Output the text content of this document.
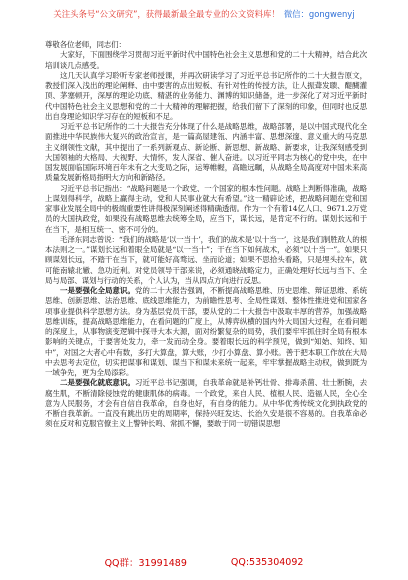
关注头条号“公文研究”，获得最新最全最专业的公文资料库！ 微信：gongwenyj

尊敬各位老师，同志们：

大家好，下面围绕学习贯彻习近平新时代中国特色社会主义思想和党的二十大精神，结合此次培训谈几点感受。

这几天认真学习聆听专家老师授课，并再次研读学习了习近平总书记所作的二十大报告原文，教授们深入浅出的理论阐释、由中要害的点出短板、有针对性的传授方法，让人振聋发聩、醍醐灌顶、茅塞顿开，深厚的理论功底、精湛的业务能力、渊博的知识储备，进一步深化了对习近平新时代中国特色社会主义思想和党的二十大精神的理解把握，给我们留下了深刻的印象，但同时也反思出自身理论知识学习存在的短板和不足。

习近平总书记所作的二十大报告充分体现了什么是战略思维，战略部署，是以中国式现代化全面推进中华民族伟大复兴的政治宣言，是一篇高屋建瓴、内涵丰富、思想深邃、意义重大的马克思主义纲领性文献，其中提出了一系列新观点、新论断、新思想、新战略、新要求，让我深刻感受到大国领袖的大格局、大视野、大情怀，发人深省、催人奋进。以习近平同志为核心的党中央，在中国发展面临国际环境百年未有之大变局之际，运筹帷幄，高瞻远瞩，从战略全局高度对中国未来高质量发展新格局指明大方向和新路径。

习近平总书记指出：“战略问题是一个政党、一个国家的根本性问题。战略上判断得准确，战略上谋划得科学，战略上赢得主动，党和人民事业就大有希望。”这一精辟论述，把战略问题在党和国家事业发展全局中的极端重要性讲得极深刻阐述得精确透彻。作为一个有着14亿人口、9671.2万党员的大国执政党，如果没有战略思维去统筹全局，应当下，谋长远，是肯定不行的。谋划长远和于在当下，是相互统一、密不可分的。

毛泽东同志曾说：“我们的战略是‘以一当十’，我们的战术是‘以十当一’，这是我们制胜敌人的根本法则之一。”谋划长远和着眼全局就是“以一当十”；干在当下如何战术，必须“以十当一”。如果只顾谋划长远，不踏干在当下，就可能好高骛远、坐而论道；如果不思拾头看路，只是埋头拉车，就可能南辕北辙、急功近利。对党员领导干部来说，必须通晓战略定力，正确处理好长远与当下、全局与局部、谋划与行动的关系，个人认为，当从四点方向进行反思。

一是要强化全局意识。党的二十大报告强调，不断提高战略思维、历史思维、辩证思维、系统思维、创新思维、法治思维、底线思维能力，为前瞻性思考、全局性谋划、整体性推进党和国家各项事业提供科学思想方法。身为基层党员干部，要从党的二十大报告中汲取丰厚的营养，加强战略思维训练，提高战略思维能力，在看问题的广度上，从博弈纵横的国内外大局国大过程，在看问题的深度上，从事物演变逻辑中探寻大本大源，面对纷繁复杂的局势，我们要牢牢抓住时全局有根本影响的关键点，于要害处发力，牵一发而动全身。要着眼长远的科学预见，做到“知始、知终、知中”，对国之大者心中有数，多打大算盘，算大账，少打小算盘、算小账。善于把本职工作放在大局中去思考去定位，切实把谋事和谋划、谋当下和谋未来统一起来，牢牢掌握战略主动权，做到既为一域争先，更为全局添彩。

二是要强化就底意识。习近平总书记强调，自我革命就是补钙壮骨、排毒杀菌、壮士断腕，去腐生肌，不断清除侵蚀党的健康肌体的病毒。一个政党，来自人民、植根人民、造福人民，全心全意为人民服务，才会有自信自我革命，自身也好，有自身的能力。从中华优秀传统文化到执政党的不断自我革新。一直没有跳出历史的周期率，保持兴旺发达、长治久安是很不容易的。自我革命必须在反对和克服官僚主义上警钟长鸣、常抓不懈，要敢于同一切错误思想

QQ群：31991489	QQ:535304092
